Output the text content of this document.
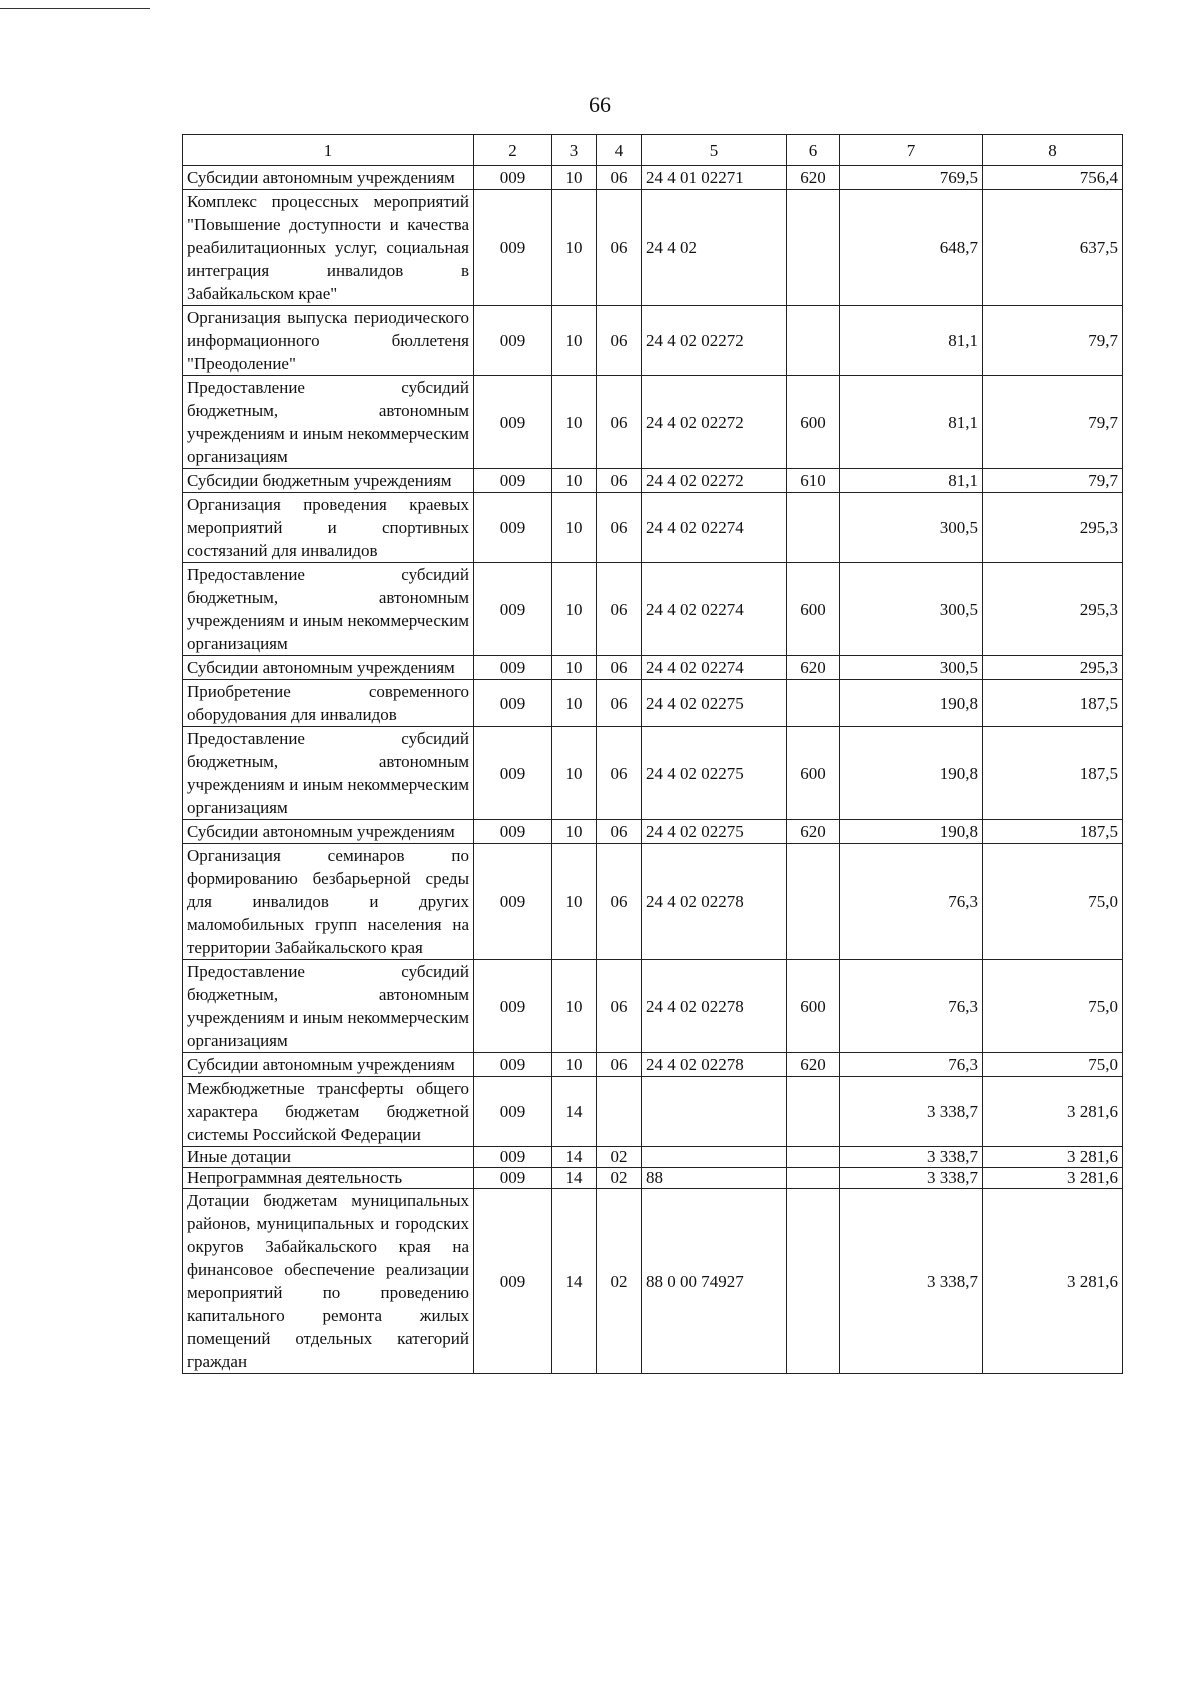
66
1	2	3	4	5	6	7	8
Субсидии автономным учреждениям	009	10	06	24 4 01 02271	620	769,5	756,4
Комплекс процессных мероприятий "Повышение доступности и качества реабилитационных услуг, социальная интеграция инвалидов в Забайкальском крае"	009	10	06	24 4 02		648,7	637,5
Организация выпуска периодического информационного бюллетеня "Преодоление"	009	10	06	24 4 02 02272		81,1	79,7
Предоставление субсидий бюджетным, автономным учреждениям и иным некоммерческим организациям	009	10	06	24 4 02 02272	600	81,1	79,7
Субсидии бюджетным учреждениям	009	10	06	24 4 02 02272	610	81,1	79,7
Организация проведения краевых мероприятий и спортивных состязаний для инвалидов	009	10	06	24 4 02 02274		300,5	295,3
Предоставление субсидий бюджетным, автономным учреждениям и иным некоммерческим организациям	009	10	06	24 4 02 02274	600	300,5	295,3
Субсидии автономным учреждениям	009	10	06	24 4 02 02274	620	300,5	295,3
Приобретение современного оборудования для инвалидов	009	10	06	24 4 02 02275		190,8	187,5
Предоставление субсидий бюджетным, автономным учреждениям и иным некоммерческим организациям	009	10	06	24 4 02 02275	600	190,8	187,5
Субсидии автономным учреждениям	009	10	06	24 4 02 02275	620	190,8	187,5
Организация семинаров по формированию безбарьерной среды для инвалидов и других маломобильных групп населения на территории Забайкальского края	009	10	06	24 4 02 02278		76,3	75,0
Предоставление субсидий бюджетным, автономным учреждениям и иным некоммерческим организациям	009	10	06	24 4 02 02278	600	76,3	75,0
Субсидии автономным учреждениям	009	10	06	24 4 02 02278	620	76,3	75,0
Межбюджетные трансферты общего характера бюджетам бюджетной системы Российской Федерации	009	14				3 338,7	3 281,6
Иные дотации	009	14	02			3 338,7	3 281,6
Непрограммная деятельность	009	14	02	88		3 338,7	3 281,6
Дотации бюджетам муниципальных районов, муниципальных и городских округов Забайкальского края на финансовое обеспечение реализации мероприятий по проведению капитального ремонта жилых помещений отдельных категорий граждан	009	14	02	88 0 00 74927		3 338,7	3 281,6
